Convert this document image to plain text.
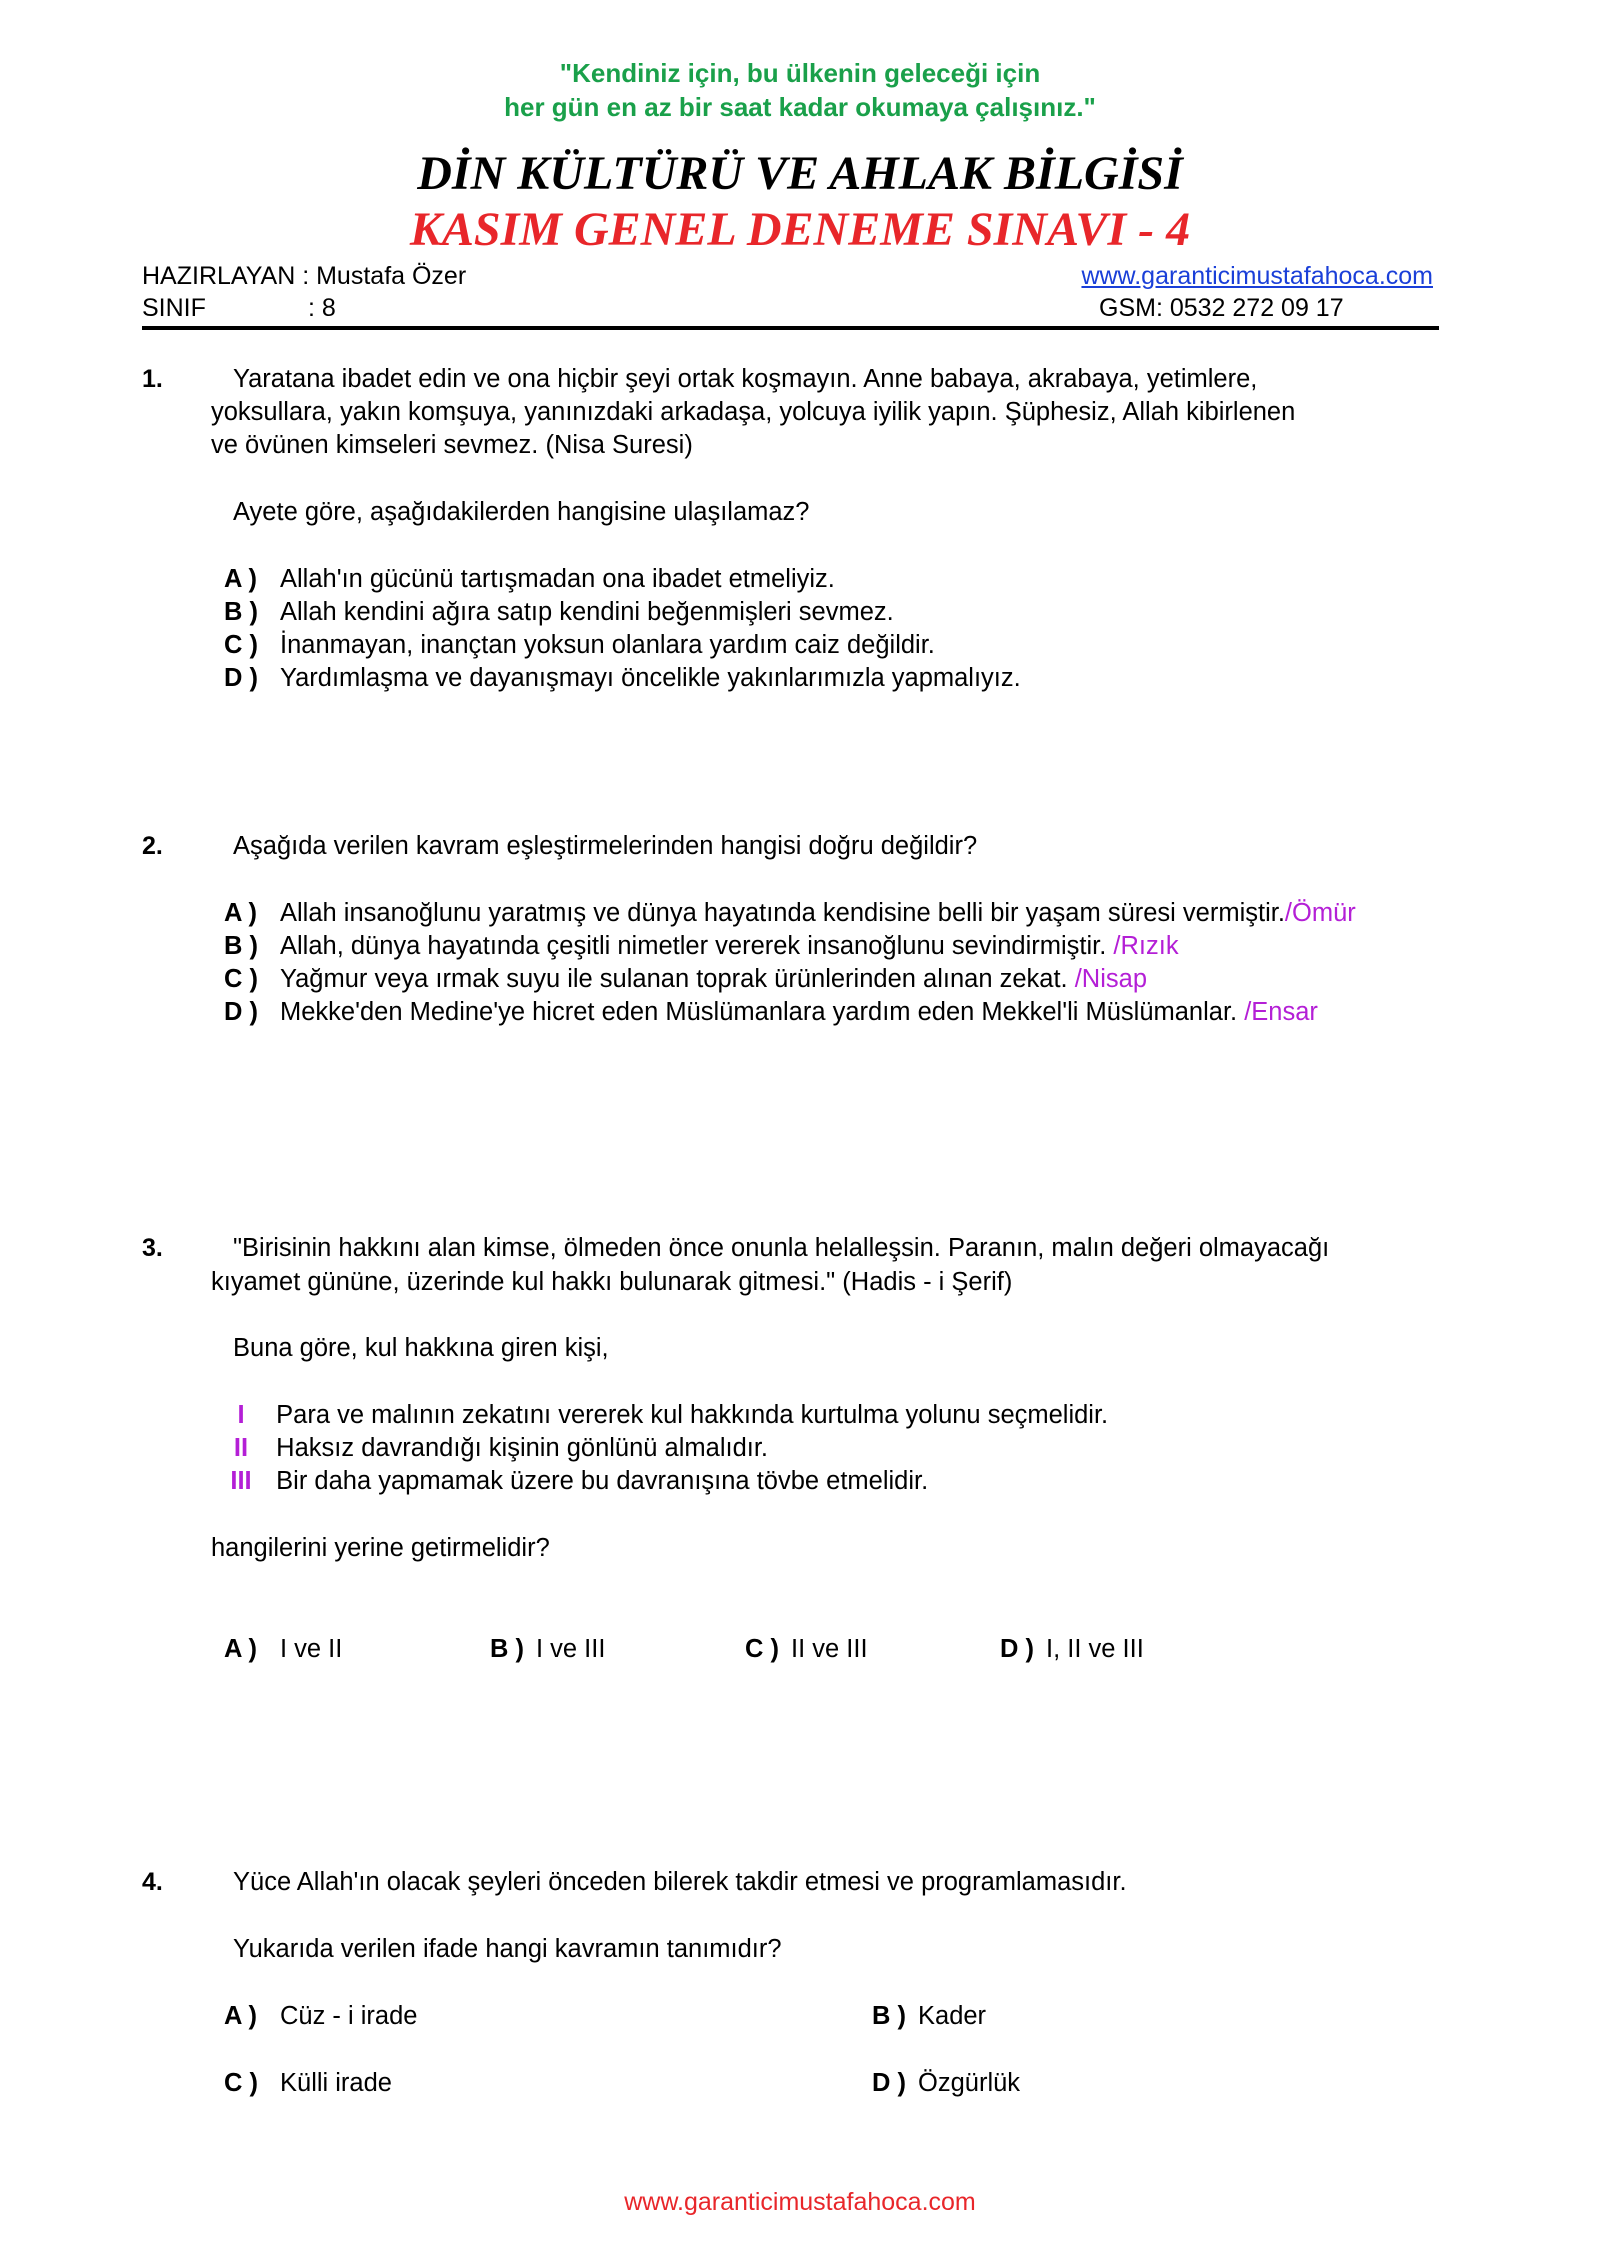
"Kendiniz için, bu ülkenin geleceği için
her gün en az bir saat kadar okumaya çalışınız."
DİN KÜLTÜRÜ VE AHLAK BİLGİSİ
KASIM GENEL DENEME SINAVI - 4
HAZIRLAYAN : Mustafa Özer	www.garanticimustafahoca.com
SINIF	: 8	GSM: 0532 272 09 17
1.	Yaratana ibadet edin ve ona hiçbir şeyi ortak koşmayın. Anne babaya, akrabaya, yetimlere,
yoksullara, yakın komşuya, yanınızdaki arkadaşa, yolcuya iyilik yapın. Şüphesiz, Allah kibirlenen
ve övünen kimseleri sevmez. (Nisa Suresi)
Ayete göre, aşağıdakilerden hangisine ulaşılamaz?
A ) Allah'ın gücünü tartışmadan ona ibadet etmeliyiz.
B ) Allah kendini ağıra satıp kendini beğenmişleri sevmez.
C ) İnanmayan, inançtan yoksun olanlara yardım caiz değildir.
D ) Yardımlaşma ve dayanışmayı öncelikle yakınlarımızla yapmalıyız.
2.	Aşağıda verilen kavram eşleştirmelerinden hangisi doğru değildir?
A ) Allah insanoğlunu yaratmış ve dünya hayatında kendisine belli bir yaşam süresi vermiştir./Ömür
B ) Allah, dünya hayatında çeşitli nimetler vererek insanoğlunu sevindirmiştir. /Rızık
C ) Yağmur veya ırmak suyu ile sulanan toprak ürünlerinden alınan zekat. /Nisap
D ) Mekke'den Medine'ye hicret eden Müslümanlara yardım eden Mekkel'li Müslümanlar. /Ensar
3.	"Birisinin hakkını alan kimse, ölmeden önce onunla helalleşsin. Paranın, malın değeri olmayacağı
kıyamet gününe, üzerinde kul hakkı bulunarak gitmesi." (Hadis - i Şerif)
Buna göre, kul hakkına giren kişi,
I Para ve malının zekatını vererek kul hakkında kurtulma yolunu seçmelidir.
II Haksız davrandığı kişinin gönlünü almalıdır.
III Bir daha yapmamak üzere bu davranışına tövbe etmelidir.
hangilerini yerine getirmelidir?
A ) I ve II	B ) I ve III	C ) II ve III	D ) I, II ve III
4.	Yüce Allah'ın olacak şeyleri önceden bilerek takdir etmesi ve programlamasıdır.
Yukarıda verilen ifade hangi kavramın tanımıdır?
A ) Cüz - i irade	B ) Kader
C ) Külli irade	D ) Özgürlük
www.garanticimustafahoca.com
